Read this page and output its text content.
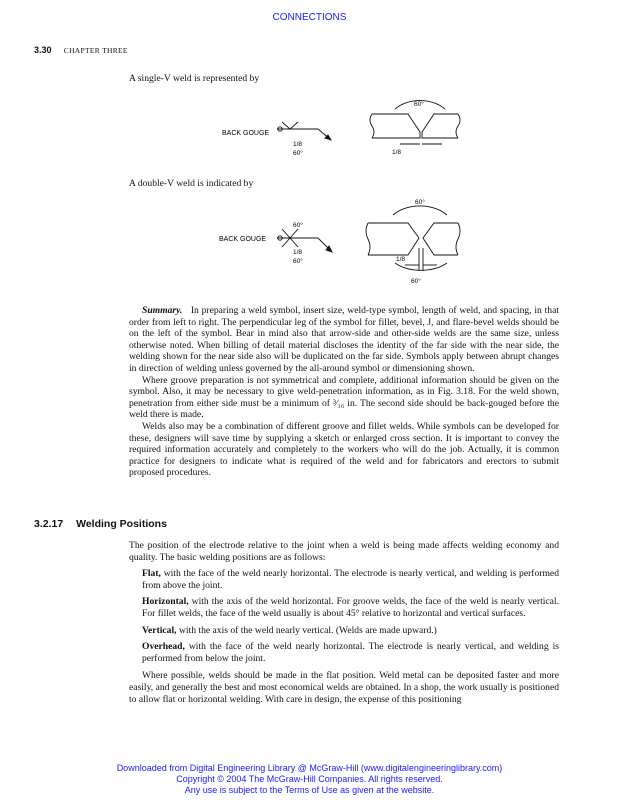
CONNECTIONS
3.30 CHAPTER THREE
A single-V weld is represented by
BACK GOUGE
1/8
60°
60°
1/8
A double-V weld is indicated by
60°
BACK GOUGE
60°
1/8
60°	1/8
60°

Summary. In preparing a weld symbol, insert size, weld-type symbol, length of weld, and spacing, in that order from left to right. The perpendicular leg of the symbol for fillet, bevel, J, and flare-bevel welds should be on the left of the symbol. Bear in mind also that arrow-side and other-side welds are the same size, unless otherwise noted. When billing of detail material discloses the identity of the far side with the near side, the welding shown for the near side also will be duplicated on the far side. Symbols apply between abrupt changes in direction of welding unless governed by the all-around symbol or dimensioning shown.

Where groove preparation is not symmetrical and complete, additional information should be given on the symbol. Also, it may be necessary to give weld-penetration information, as in Fig. 3.18. For the weld shown, penetration from either side must be a minimum of ³⁄₁₆ in. The second side should be back-gouged before the weld there is made.

Welds also may be a combination of different groove and fillet welds. While symbols can be developed for these, designers will save time by supplying a sketch or enlarged cross section. It is important to convey the required information accurately and completely to the workers who will do the job. Actually, it is common practice for designers to indicate what is required of the weld and for fabricators and erectors to submit proposed procedures.

3.2.17 Welding Positions

The position of the electrode relative to the joint when a weld is being made affects welding economy and quality. The basic welding positions are as follows:

Flat, with the face of the weld nearly horizontal. The electrode is nearly vertical, and welding is performed from above the joint.

Horizontal, with the axis of the weld horizontal. For groove welds, the face of the weld is nearly vertical. For fillet welds, the face of the weld usually is about 45° relative to horizontal and vertical surfaces.

Vertical, with the axis of the weld nearly vertical. (Welds are made upward.)

Overhead, with the face of the weld nearly horizontal. The electrode is nearly vertical, and welding is performed from below the joint.

Where possible, welds should be made in the flat position. Weld metal can be deposited faster and more easily, and generally the best and most economical welds are obtained. In a shop, the work usually is positioned to allow flat or horizontal welding. With care in design, the expense of this positioning

Downloaded from Digital Engineering Library @ McGraw-Hill (www.digitalengineeringlibrary.com)
Copyright © 2004 The McGraw-Hill Companies. All rights reserved.
Any use is subject to the Terms of Use as given at the website.
